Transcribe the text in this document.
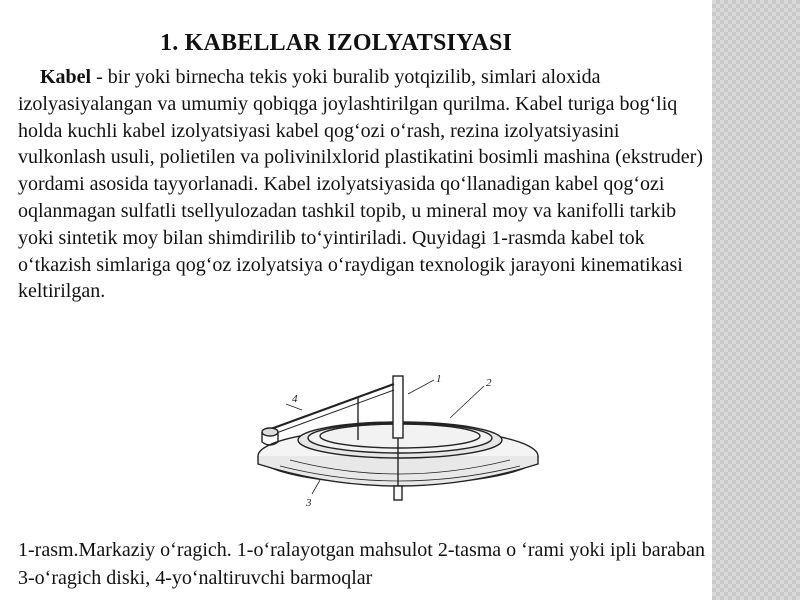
1. KABELLAR IZOLYATSIYASI

Kabel - bir yoki birnecha tekis yoki buralib yotqizilib, simlari aloxida izolyasiyalangan va umumiy qobiqga joylashtirilgan qurilma. Kabel turiga bog‘liq holda kuchli kabel izolyatsiyasi kabel qog‘ozi o‘rash, rezina izolyatsiyasini vulkonlash usuli, polietilen va polivinilxlorid plastikatini bosimli mashina (ekstruder) yordami asosida tayyorlanadi. Kabel izolyatsiyasida qo‘llanadigan kabel qog‘ozi oqlanmagan sulfatli tsellyulozadan tashkil topib, u mineral moy va kanifolli tarkib yoki sintetik moy bilan shimdirilib to‘yintiriladi. Quyidagi 1-rasmda kabel tok o‘tkazish simlariga qog‘oz izolyatsiya o‘raydigan texnologik jarayoni kinematikasi keltirilgan.

1	2
3
4
1-rasm.Markaziy o‘ragich. 1-o‘ralayotgan mahsulot 2-tasma o ‘rami yoki ipli baraban 3-o‘ragich diski, 4-yo‘naltiruvchi barmoqlar
